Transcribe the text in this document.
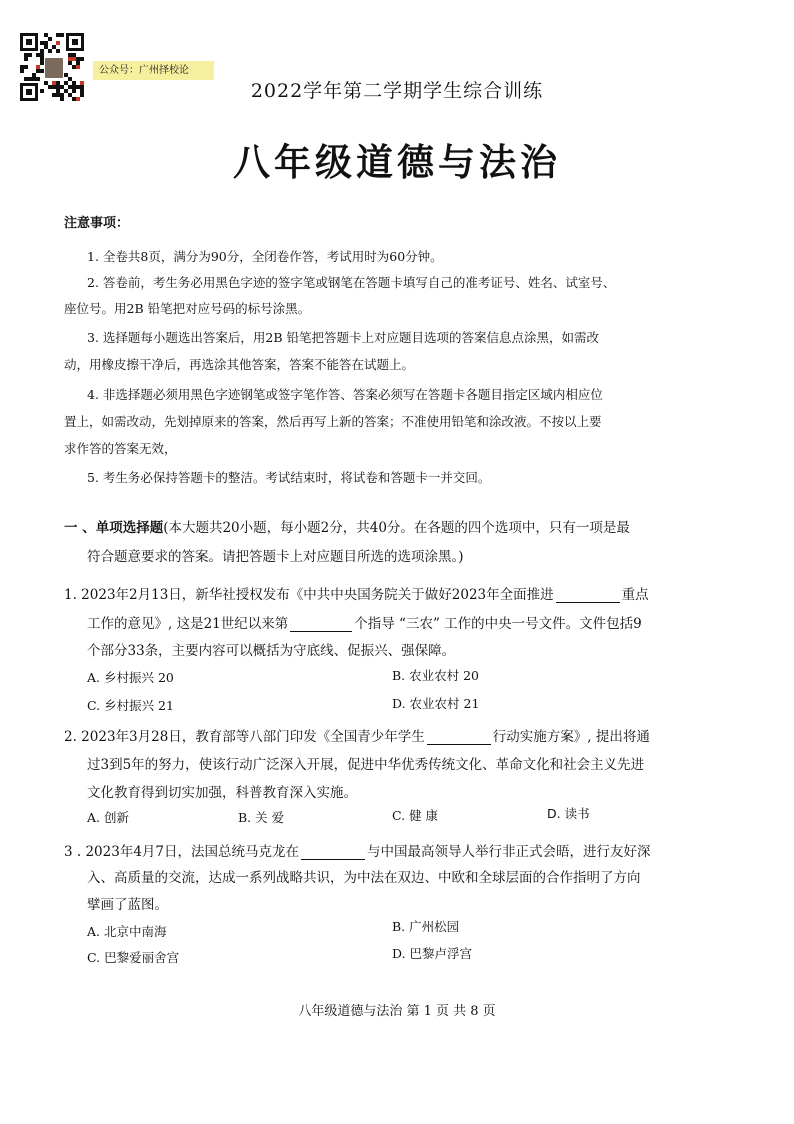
公众号：广州择校论
2022学年第二学期学生综合训练
八年级道德与法治
注意事项：
1. 全卷共8页，满分为90分，全闭卷作答，考试用时为60分钟。
2. 答卷前，考生务必用黑色字迹的签字笔或钢笔在答题卡填写自己的准考证号、姓名、试室号、
座位号。用2B 铅笔把对应号码的标号涂黑。
3. 选择题每小题选出答案后，用2B 铅笔把答题卡上对应题目选项的答案信息点涂黑，如需改
动，用橡皮擦干净后，再选涂其他答案，答案不能答在试题上。
4. 非选择题必须用黑色字迹钢笔或签字笔作答、答案必须写在答题卡各题目指定区域内相应位
置上，如需改动，先划掉原来的答案，然后再写上新的答案；不准使用铅笔和涂改液。不按以上要
求作答的答案无效，
5. 考生务必保持答题卡的整洁。考试结束时，将试卷和答题卡一并交回。
一 、单项选择题(本大题共20小题，每小题2分，共40分。在各题的四个选项中，只有一项是最
符合题意要求的答案。请把答题卡上对应题目所选的选项涂黑。)
1. 2023年2月13日，新华社授权发布《中共中央国务院关于做好2023年全面推进	重点
工作的意见》, 这是21世纪以来第	个指导 “三农” 工作的中央一号文件。文件包括9
个部分33条，主要内容可以概括为守底线、促振兴、强保障。
A. 乡村振兴 20	B. 农业农村 20
C. 乡村振兴 21	D. 农业农村 21
2. 2023年3月28日，教育部等八部门印发《全国青少年学生	行动实施方案》, 提出将通
过3到5年的努力，使该行动广泛深入开展，促进中华优秀传统文化、革命文化和社会主义先进
文化教育得到切实加强，科普教育深入实施。
A. 创新	B. 关 爱	C. 健 康	D. 读书
3 . 2023年4月7日，法国总统马克龙在	与中国最高领导人举行非正式会晤，进行友好深
入、高质量的交流，达成一系列战略共识，为中法在双边、中欧和全球层面的合作指明了方向
擘画了蓝图。
A. 北京中南海	B. 广州松园
C. 巴黎爱丽舍宫	D. 巴黎卢浮宫
八年级道德与法治 第 1 页 共 8 页
